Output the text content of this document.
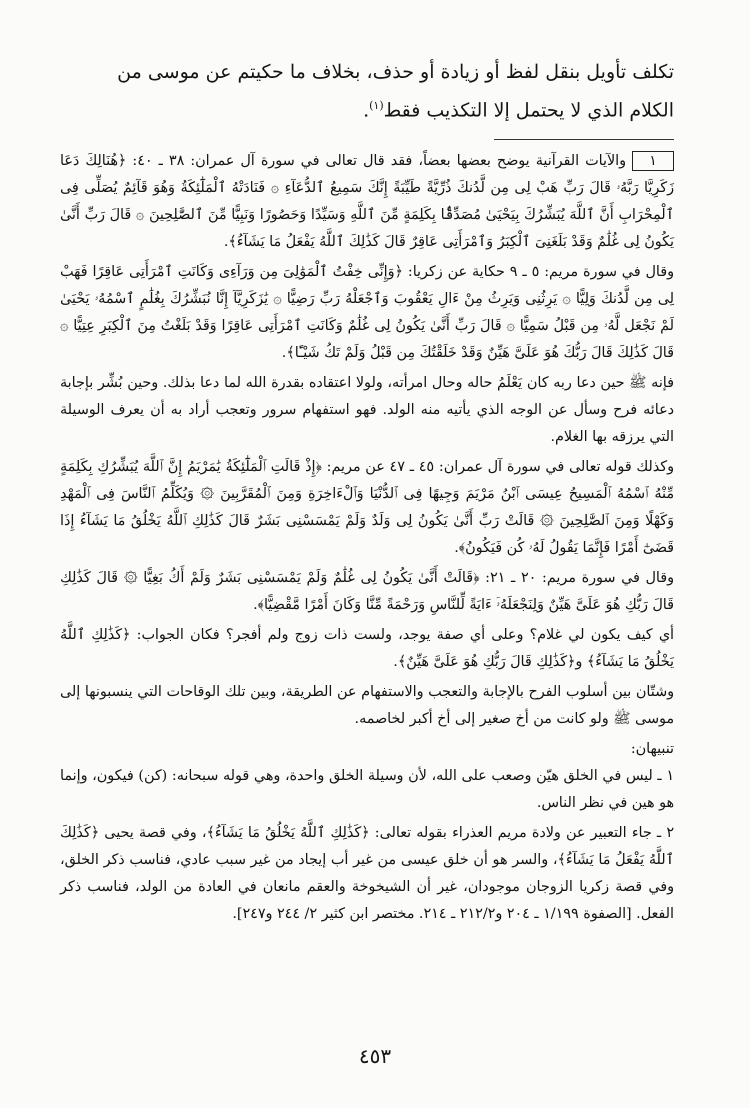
تكلف تأويل بنقل لفظ أو زيادة أو حذف، بخلاف ما حكيتم عن موسى من
الكلام الذي لا يحتمل إلا التكذيب فقط$^{(١)}$.

١والآيات القرآنية يوضح بعضها بعضاً، فقد قال تعالى في سورة آل عمران: ٣٨ ـ ٤٠: ﴿هُنَالِكَ دَعَا زَكَرِيَّا رَبَّهُۥ قَالَ رَبِّ هَبْ لِى مِن لَّدُنكَ ذُرِّيَّةً طَيِّبَةً إِنَّكَ سَمِيعُ ٱلدُّعَآءِ ۞ فَنَادَتْهُ ٱلْمَلَٰٓئِكَةُ وَهُوَ قَآئِمٌ يُصَلِّى فِى ٱلْمِحْرَابِ أَنَّ ٱللَّهَ يُبَشِّرُكَ بِيَحْيَىٰ مُصَدِّقًۢا بِكَلِمَةٍ مِّنَ ٱللَّهِ وَسَيِّدًا وَحَصُورًا وَنَبِيًّا مِّنَ ٱلصَّٰلِحِينَ ۞ قَالَ رَبِّ أَنَّىٰ يَكُونُ لِى غُلَٰمٌ وَقَدْ بَلَغَنِىَ ٱلْكِبَرُ وَٱمْرَأَتِى عَاقِرٌ قَالَ كَذَٰلِكَ ٱللَّهُ يَفْعَلُ مَا يَشَآءُ﴾.

وقال في سورة مريم: ٥ ـ ٩ حكاية عن زكريا: ﴿وَإِنِّى خِفْتُ ٱلْمَوَٰلِىَ مِن وَرَآءِى وَكَانَتِ ٱمْرَأَتِى عَاقِرًا فَهَبْ لِى مِن لَّدُنكَ وَلِيًّا ۞ يَرِثُنِى وَيَرِثُ مِنْ ءَالِ يَعْقُوبَ وَٱجْعَلْهُ رَبِّ رَضِيًّا ۞ يَٰزَكَرِيَّآ إِنَّا نُبَشِّرُكَ بِغُلَٰمٍ ٱسْمُهُۥ يَحْيَىٰ لَمْ نَجْعَل لَّهُۥ مِن قَبْلُ سَمِيًّا ۞ قَالَ رَبِّ أَنَّىٰ يَكُونُ لِى غُلَٰمٌ وَكَانَتِ ٱمْرَأَتِى عَاقِرًا وَقَدْ بَلَغْتُ مِنَ ٱلْكِبَرِ عِتِيًّا ۞ قَالَ كَذَٰلِكَ قَالَ رَبُّكَ هُوَ عَلَىَّ هَيِّنٌ وَقَدْ خَلَقْتُكَ مِن قَبْلُ وَلَمْ تَكُ شَيْـًٔا﴾.

فإنه ﷺ حين دعا ربه كان يَعْلَمُ حاله وحال امرأته، ولولا اعتقاده بقدرة الله لما دعا بذلك. وحين بُشِّر بإجابة دعائه فرح وسأل عن الوجه الذي يأتيه منه الولد. فهو استفهام سرور وتعجب أراد به أن يعرف الوسيلة التي يرزقه بها الغلام.

وكذلك قوله تعالى في سورة آل عمران: ٤٥ ـ ٤٧ عن مريم: ﴿إِذْ قَالَتِ ٱلْمَلَٰٓئِكَةُ يَٰمَرْيَمُ إِنَّ ٱللَّهَ يُبَشِّرُكِ بِكَلِمَةٍ مِّنْهُ ٱسْمُهُ ٱلْمَسِيحُ عِيسَى ٱبْنُ مَرْيَمَ وَجِيهًا فِى ٱلدُّنْيَا وَٱلْءَاخِرَةِ وَمِنَ ٱلْمُقَرَّبِينَ ۞ وَيُكَلِّمُ ٱلنَّاسَ فِى ٱلْمَهْدِ وَكَهْلًا وَمِنَ ٱلصَّٰلِحِينَ ۞ قَالَتْ رَبِّ أَنَّىٰ يَكُونُ لِى وَلَدٌ وَلَمْ يَمْسَسْنِى بَشَرٌ قَالَ كَذَٰلِكِ ٱللَّهُ يَخْلُقُ مَا يَشَآءُ إِذَا قَضَىٰٓ أَمْرًا فَإِنَّمَا يَقُولُ لَهُۥ كُن فَيَكُونُ﴾.

وقال في سورة مريم: ٢٠ ـ ٢١: ﴿قَالَتْ أَنَّىٰ يَكُونُ لِى غُلَٰمٌ وَلَمْ يَمْسَسْنِى بَشَرٌ وَلَمْ أَكُ بَغِيًّا ۞ قَالَ كَذَٰلِكِ قَالَ رَبُّكِ هُوَ عَلَىَّ هَيِّنٌ وَلِنَجْعَلَهُۥٓ ءَايَةً لِّلنَّاسِ وَرَحْمَةً مِّنَّا وَكَانَ أَمْرًا مَّقْضِيًّا﴾.

أي كيف يكون لي غلام؟ وعلى أي صفة يوجد، ولست ذات زوج ولم أفجر؟ فكان الجواب: ﴿كَذَٰلِكِ ٱللَّهُ يَخْلُقُ مَا يَشَآءُ﴾ و﴿كَذَٰلِكِ قَالَ رَبُّكِ هُوَ عَلَىَّ هَيِّنٌ﴾.

وشتّان بين أسلوب الفرح بالإجابة والتعجب والاستفهام عن الطريقة، وبين تلك الوقاحات التي ينسبونها إلى موسى ﷺ ولو كانت من أخ صغير إلى أخ أكبر لخاصمه.

تنبيهان:

١ ـ ليس في الخلق هيّن وصعب على الله، لأن وسيلة الخلق واحدة، وهي قوله سبحانه: (كن) فيكون، وإنما هو هين في نظر الناس.

٢ ـ جاء التعبير عن ولادة مريم العذراء بقوله تعالى: ﴿كَذَٰلِكِ ٱللَّهُ يَخْلُقُ مَا يَشَآءُ﴾، وفي قصة يحيى ﴿كَذَٰلِكَ ٱللَّهُ يَفْعَلُ مَا يَشَآءُ﴾، والسر هو أن خلق عيسى من غير أب إيجاد من غير سبب عادي، فناسب ذكر الخلق، وفي قصة زكريا الزوجان موجودان، غير أن الشيخوخة والعقم مانعان في العادة من الولد، فناسب ذكر الفعل. [الصفوة ١/١٩٩ ـ ٢٠٤ و٢١٢/٢ ـ ٢١٤. مختصر ابن كثير ٢/ ٢٤٤ و٢٤٧].

٤٥٣
